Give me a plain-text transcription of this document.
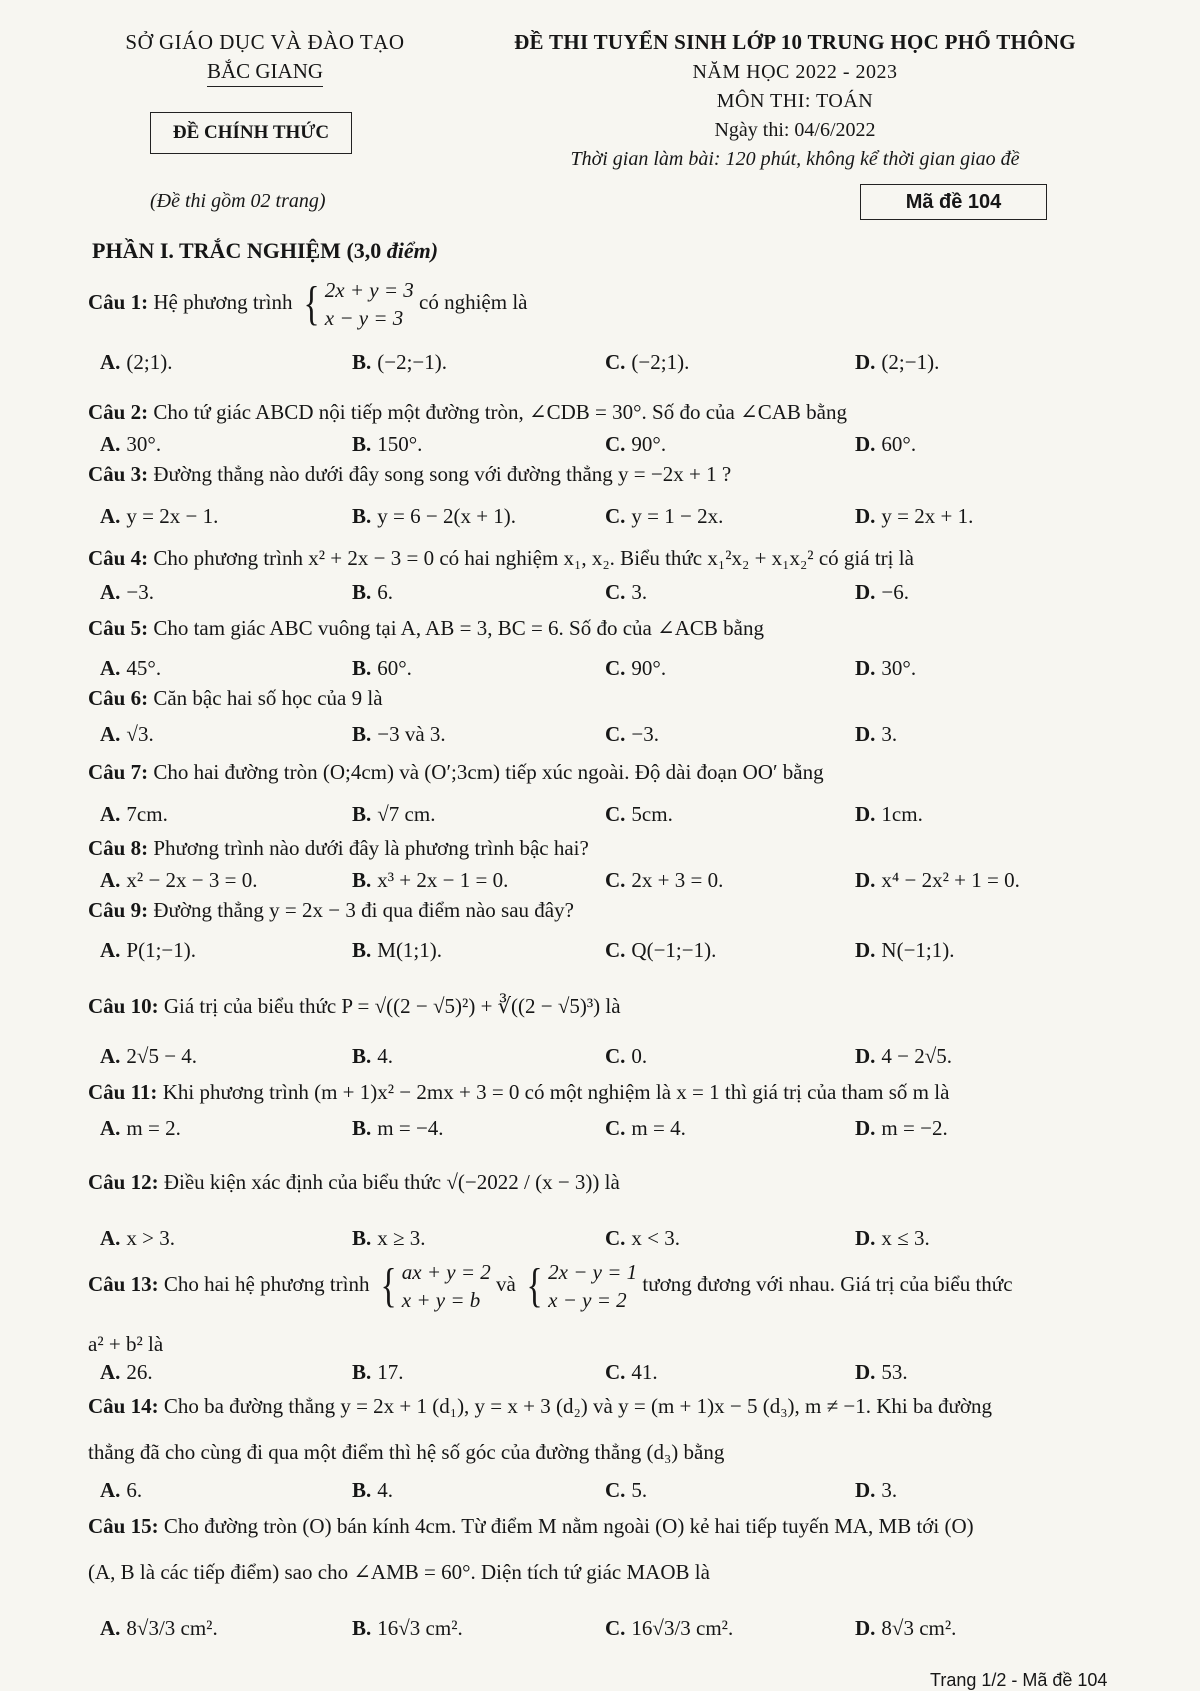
SỞ GIÁO DỤC VÀ ĐÀO TẠO
BẮC GIANG
ĐỀ CHÍNH THỨC
(Đề thi gồm 02 trang)
ĐỀ THI TUYỂN SINH LỚP 10 TRUNG HỌC PHỔ THÔNG
NĂM HỌC 2022 - 2023
MÔN THI: TOÁN
Ngày thi: 04/6/2022
Thời gian làm bài: 120 phút, không kể thời gian giao đề
Mã đề 104
PHẦN I. TRẮC NGHIỆM (3,0 điểm)
Câu 1: Hệ phương trình { 2x + y = 3
x − y = 3 có nghiệm là
A. (2;1).	B. (−2;−1).	C. (−2;1).	D. (2;−1).
Câu 2: Cho tứ giác ABCD nội tiếp một đường tròn, ∠CDB = 30°. Số đo của ∠CAB bằng
A. 30°.	B. 150°.	C. 90°.	D. 60°.
Câu 3: Đường thẳng nào dưới đây song song với đường thẳng y = −2x + 1 ?
A. y = 2x − 1.	B. y = 6 − 2(x + 1).	C. y = 1 − 2x.	D. y = 2x + 1.
Câu 4: Cho phương trình x² + 2x − 3 = 0 có hai nghiệm x₁, x₂. Biểu thức x₁²x₂ + x₁x₂² có giá trị là
A. −3.	B. 6.	C. 3.	D. −6.
Câu 5: Cho tam giác ABC vuông tại A, AB = 3, BC = 6. Số đo của ∠ACB bằng
A. 45°.	B. 60°.	C. 90°.	D. 30°.
Câu 6: Căn bậc hai số học của 9 là
A. √3.	B. −3 và 3.	C. −3.	D. 3.
Câu 7: Cho hai đường tròn (O;4cm) và (O′;3cm) tiếp xúc ngoài. Độ dài đoạn OO′ bằng
A. 7cm.	B. √7 cm.	C. 5cm.	D. 1cm.
Câu 8: Phương trình nào dưới đây là phương trình bậc hai?
A. x² − 2x − 3 = 0.	B. x³ + 2x − 1 = 0.	C. 2x + 3 = 0.	D. x⁴ − 2x² + 1 = 0.
Câu 9: Đường thẳng y = 2x − 3 đi qua điểm nào sau đây?
A. P(1;−1).	B. M(1;1).	C. Q(−1;−1).	D. N(−1;1).
Câu 10: Giá trị của biểu thức P = √((2 − √5)²) + ∛((2 − √5)³) là
A. 2√5 − 4.	B. 4.	C. 0.	D. 4 − 2√5.
Câu 11: Khi phương trình (m + 1)x² − 2mx + 3 = 0 có một nghiệm là x = 1 thì giá trị của tham số m là
A. m = 2.	B. m = −4.	C. m = 4.	D. m = −2.
Câu 12: Điều kiện xác định của biểu thức √(−2022 / (x − 3)) là
A. x > 3.	B. x ≥ 3.	C. x < 3.	D. x ≤ 3.
Câu 13: Cho hai hệ phương trình { ax + y = 2
x + y = b và { 2x − y = 1
x − y = 2 tương đương với nhau. Giá trị của biểu thức
a² + b² là
A. 26.	B. 17.	C. 41.	D. 53.
Câu 14: Cho ba đường thẳng y = 2x + 1 (d₁), y = x + 3 (d₂) và y = (m + 1)x − 5 (d₃), m ≠ −1. Khi ba đường
thẳng đã cho cùng đi qua một điểm thì hệ số góc của đường thẳng (d₃) bằng
A. 6.	B. 4.	C. 5.	D. 3.
Câu 15: Cho đường tròn (O) bán kính 4cm. Từ điểm M nằm ngoài (O) kẻ hai tiếp tuyến MA, MB tới (O)
(A, B là các tiếp điểm) sao cho ∠AMB = 60°. Diện tích tứ giác MAOB là
A. 8√3/3 cm².	B. 16√3 cm².	C. 16√3/3 cm².	D. 8√3 cm².
Trang 1/2 - Mã đề 104
